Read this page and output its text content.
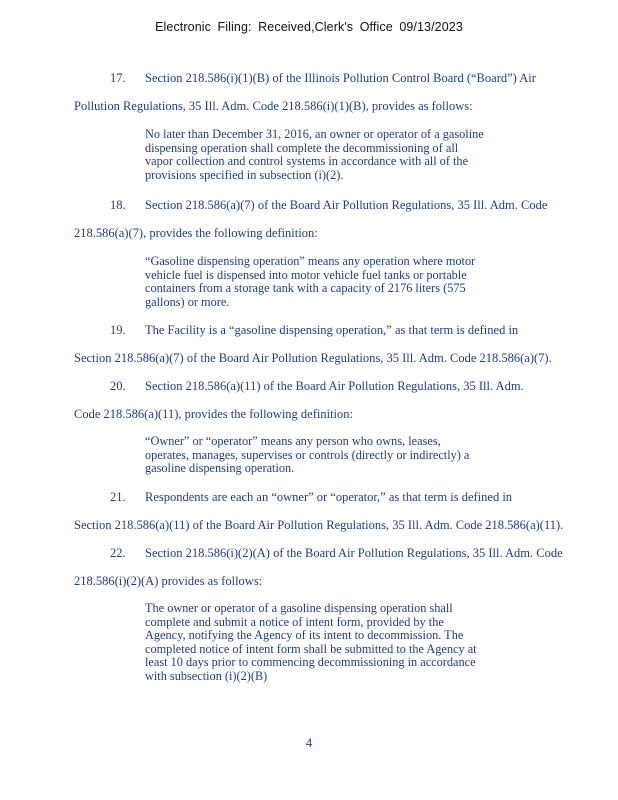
Electronic Filing: Received,Clerk's Office 09/13/2023
17. Section 218.586(i)(1)(B) of the Illinois Pollution Control Board (“Board”) Air
Pollution Regulations, 35 Ill. Adm. Code 218.586(i)(1)(B), provides as follows:
No later than December 31, 2016, an owner or operator of a gasoline
dispensing operation shall complete the decommissioning of all
vapor collection and control systems in accordance with all of the
provisions specified in subsection (i)(2).
18. Section 218.586(a)(7) of the Board Air Pollution Regulations, 35 Ill. Adm. Code
218.586(a)(7), provides the following definition:
“Gasoline dispensing operation” means any operation where motor
vehicle fuel is dispensed into motor vehicle fuel tanks or portable
containers from a storage tank with a capacity of 2176 liters (575
gallons) or more.
19. The Facility is a “gasoline dispensing operation,” as that term is defined in
Section 218.586(a)(7) of the Board Air Pollution Regulations, 35 Ill. Adm. Code 218.586(a)(7).
20. Section 218.586(a)(11) of the Board Air Pollution Regulations, 35 Ill. Adm.
Code 218.586(a)(11), provides the following definition:
“Owner” or “operator” means any person who owns, leases,
operates, manages, supervises or controls (directly or indirectly) a
gasoline dispensing operation.
21. Respondents are each an “owner” or “operator,” as that term is defined in
Section 218.586(a)(11) of the Board Air Pollution Regulations, 35 Ill. Adm. Code 218.586(a)(11).
22. Section 218.586(i)(2)(A) of the Board Air Pollution Regulations, 35 Ill. Adm. Code
218.586(i)(2)(A) provides as follows:
The owner or operator of a gasoline dispensing operation shall
complete and submit a notice of intent form, provided by the
Agency, notifying the Agency of its intent to decommission. The
completed notice of intent form shall be submitted to the Agency at
least 10 days prior to commencing decommissioning in accordance
with subsection (i)(2)(B)
4
